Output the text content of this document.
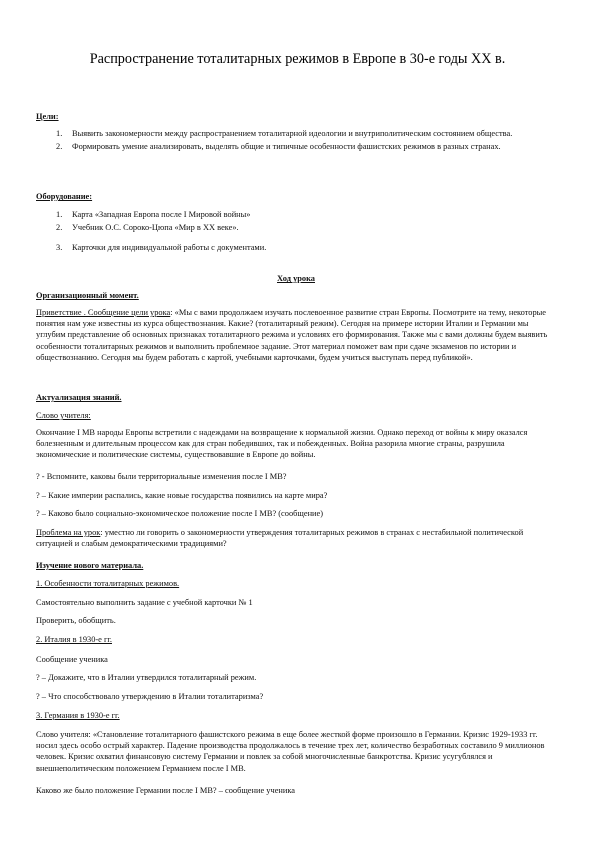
Распространение тоталитарных режимов в Европе в 30-е годы XX в.
Цели:
1. Выявить закономерности между распространением тоталитарной идеологии и внутриполитическим состоянием общества.
2. Формировать умение анализировать, выделять общие и типичные особенности фашистских режимов в разных странах.
Оборудование:
1. Карта «Западная Европа после I Мировой войны»
2. Учебник О.С. Сороко-Цюпа «Мир в XX веке».
3. Карточки для индивидуальной работы с документами.
Ход урока
Организационный момент.
Приветствие . Сообщение цели урока: «Мы с вами продолжаем изучать послевоенное развитие стран Европы. Посмотрите на тему, некоторые понятия нам уже известны из курса обществознания. Какие? (тоталитарный режим). Сегодня на примере истории Италии и Германии мы углубим представление об основных признаках тоталитарного режима и условиях его формирования. Также мы с вами должны будем выявить особенности тоталитарных режимов и выполнить проблемное задание. Этот материал поможет вам при сдаче экзаменов по истории и обществознанию. Сегодня мы будем работать с картой, учебными карточками, будем учиться выступать перед публикой».
Актуализация знаний.
Слово учителя:
Окончание I МВ народы Европы встретили с надеждами на возвращение к нормальной жизни. Однако переход от войны к миру оказался болезненным и длительным процессом как для стран победивших, так и побежденных. Война разорила многие страны, разрушила экономические и политические системы, существовавшие в Европе до войны.
? - Вспомните, каковы были территориальные изменения после I МВ?
? – Какие империи распались, какие новые государства появились на карте мира?
? – Каково было социально-экономическое положение после I МВ? (сообщение)
Проблема на урок: уместно ли говорить о закономерности утверждения тоталитарных режимов в странах с нестабильной политической ситуацией и слабым демократическими традициями?
Изучение нового материала.
1. Особенности тоталитарных режимов.
Самостоятельно выполнить задание с учебной карточки № 1
Проверить, обобщить.
2. Италия в 1930-е гг.
Сообщение ученика
? – Докажите, что в Италии утвердился тоталитарный режим.
? – Что способствовало утверждению в Италии тоталитаризма?
3. Германия в 1930-е гг.
Слово учителя: «Становление тоталитарного фашистского режима в еще более жесткой форме произошло в Германии. Кризис 1929-1933 гг. носил здесь особо острый характер. Падение производства продолжалось в течение трех лет, количество безработных составило 9 миллионов человек. Кризис охватил финансовую систему Германии и повлек за собой многочисленные банкротства. Кризис усугублялся и внешнеполитическим положением Германием после I МВ.
Каково же было положение Германии после I МВ? – сообщение ученика
